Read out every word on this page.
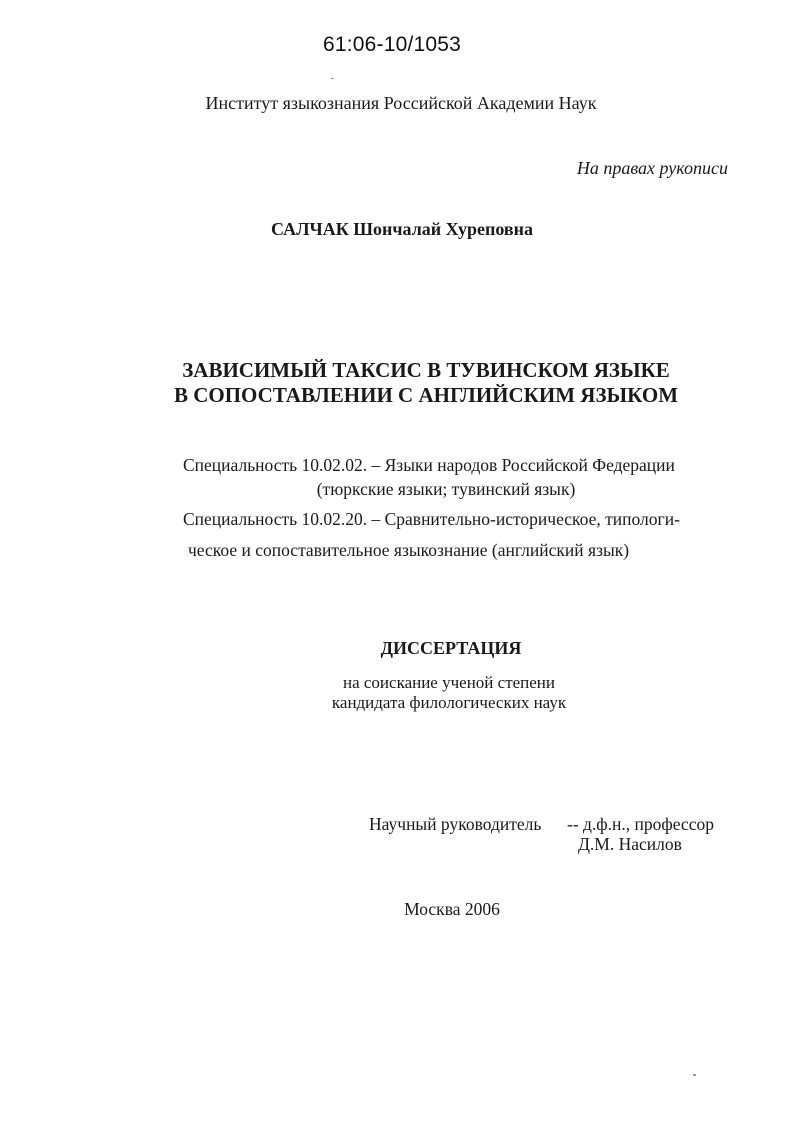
61:06-10/1053
Институт языкознания Российской Академии Наук
На правах рукописи
САЛЧАК Шончалай Хуреповна
ЗАВИСИМЫЙ ТАКСИС В ТУВИНСКОМ ЯЗЫКЕ
В СОПОСТАВЛЕНИИ С АНГЛИЙСКИМ ЯЗЫКОМ
Специальность 10.02.02. – Языки народов Российской Федерации
(тюркские языки; тувинский язык)
Специальность 10.02.20. – Сравнительно-историческое, типологи-
ческое и сопоставительное языкознание (английский язык)
ДИССЕРТАЦИЯ
на соискание ученой степени
кандидата филологических наук
Научный руководитель -- д.ф.н., профессор
Д.М. Насилов
Москва 2006
